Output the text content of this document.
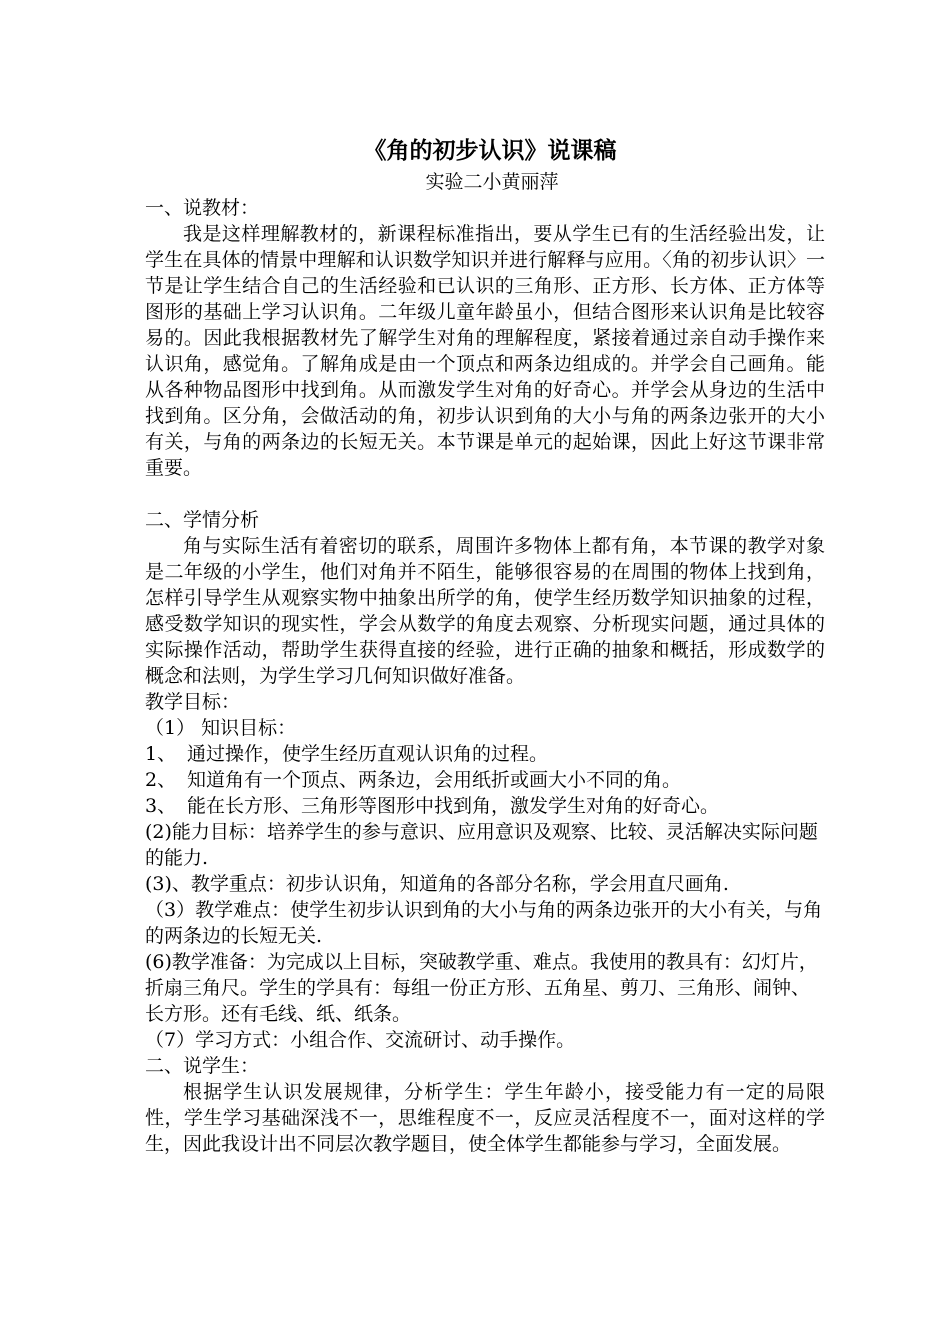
《角的初步认识》说课稿

实验二小黄丽萍

一、说教材：

我是这样理解教材的，新课程标准指出，要从学生已有的生活经验出发，让学生在具体的情景中理解和认识数学知识并进行解释与应用。〈角的初步认识〉一节是让学生结合自己的生活经验和已认识的三角形、正方形、长方体、正方体等图形的基础上学习认识角。二年级儿童年龄虽小，但结合图形来认识角是比较容易的。因此我根据教材先了解学生对角的理解程度，紧接着通过亲自动手操作来认识角，感觉角。了解角成是由一个顶点和两条边组成的。并学会自己画角。能从各种物品图形中找到角。从而激发学生对角的好奇心。并学会从身边的生活中找到角。区分角，会做活动的角，初步认识到角的大小与角的两条边张开的大小有关，与角的两条边的长短无关。本节课是单元的起始课，因此上好这节课非常重要。

二、学情分析

角与实际生活有着密切的联系，周围许多物体上都有角，本节课的教学对象是二年级的小学生，他们对角并不陌生，能够很容易的在周围的物体上找到角，怎样引导学生从观察实物中抽象出所学的角，使学生经历数学知识抽象的过程，感受数学知识的现实性，学会从数学的角度去观察、分析现实问题，通过具体的实际操作活动，帮助学生获得直接的经验，进行正确的抽象和概括，形成数学的概念和法则，为学生学习几何知识做好准备。

教学目标：

（1） 知识目标：

1、 通过操作，使学生经历直观认识角的过程。

2、 知道角有一个顶点、两条边，会用纸折或画大小不同的角。

3、 能在长方形、三角形等图形中找到角，激发学生对角的好奇心。

(2)能力目标：培养学生的参与意识、应用意识及观察、比较、灵活解决实际问题的能力.

(3)、教学重点：初步认识角，知道角的各部分名称，学会用直尺画角.

（3）教学难点：使学生初步认识到角的大小与角的两条边张开的大小有关，与角的两条边的长短无关.

(6)教学准备：为完成以上目标，突破教学重、难点。我使用的教具有：幻灯片，折扇三角尺。学生的学具有：每组一份正方形、五角星、剪刀、三角形、闹钟、长方形。还有毛线、纸、纸条。

（7）学习方式：小组合作、交流研讨、动手操作。

二、说学生：

根据学生认识发展规律，分析学生：学生年龄小，接受能力有一定的局限性，学生学习基础深浅不一，思维程度不一，反应灵活程度不一，面对这样的学生，因此我设计出不同层次教学题目，使全体学生都能参与学习，全面发展。
